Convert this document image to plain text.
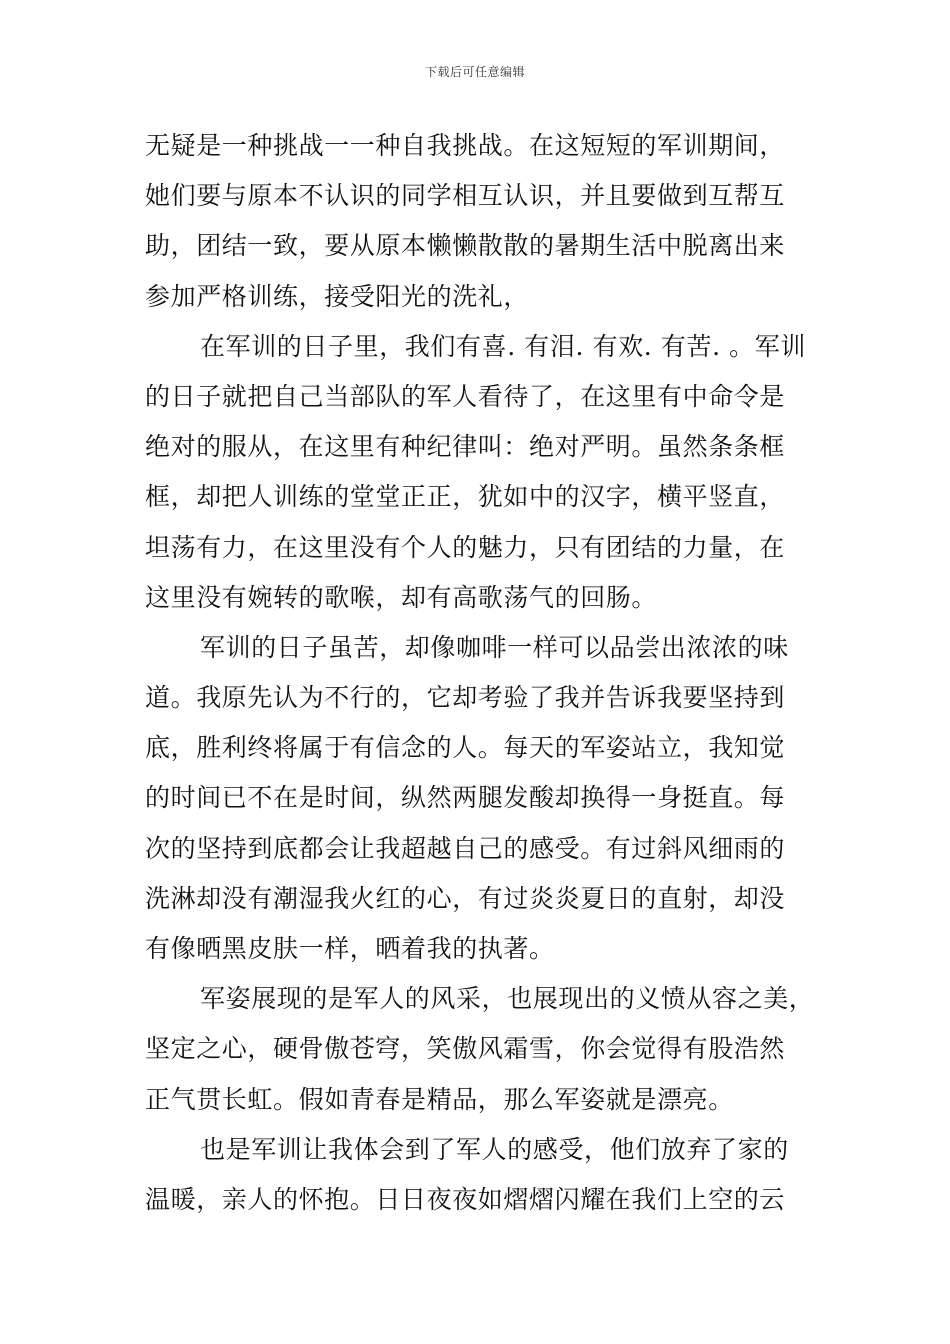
下载后可任意编辑
无疑是一种挑战一一种自我挑战。在这短短的军训期间，
她们要与原本不认识的同学相互认识，并且要做到互帮互
助，团结一致，要从原本懒懒散散的暑期生活中脱离出来
参加严格训练，接受阳光的洗礼，
在军训的日子里，我们有喜. 有泪. 有欢. 有苦. 。军训
的日子就把自己当部队的军人看待了，在这里有中命令是
绝对的服从，在这里有种纪律叫：绝对严明。虽然条条框
框，却把人训练的堂堂正正，犹如中的汉字，横平竖直，
坦荡有力，在这里没有个人的魅力，只有团结的力量，在
这里没有婉转的歌喉，却有高歌荡气的回肠。
军训的日子虽苦，却像咖啡一样可以品尝出浓浓的味
道。我原先认为不行的，它却考验了我并告诉我要坚持到
底，胜利终将属于有信念的人。每天的军姿站立，我知觉
的时间已不在是时间，纵然两腿发酸却换得一身挺直。每
次的坚持到底都会让我超越自己的感受。有过斜风细雨的
洗淋却没有潮湿我火红的心，有过炎炎夏日的直射，却没
有像晒黑皮肤一样，晒着我的执著。
军姿展现的是军人的风采，也展现出的义愤从容之美，
坚定之心，硬骨傲苍穹，笑傲风霜雪，你会觉得有股浩然
正气贯长虹。假如青春是精品，那么军姿就是漂亮。
也是军训让我体会到了军人的感受，他们放弃了家的
温暖，亲人的怀抱。日日夜夜如熠熠闪耀在我们上空的云
